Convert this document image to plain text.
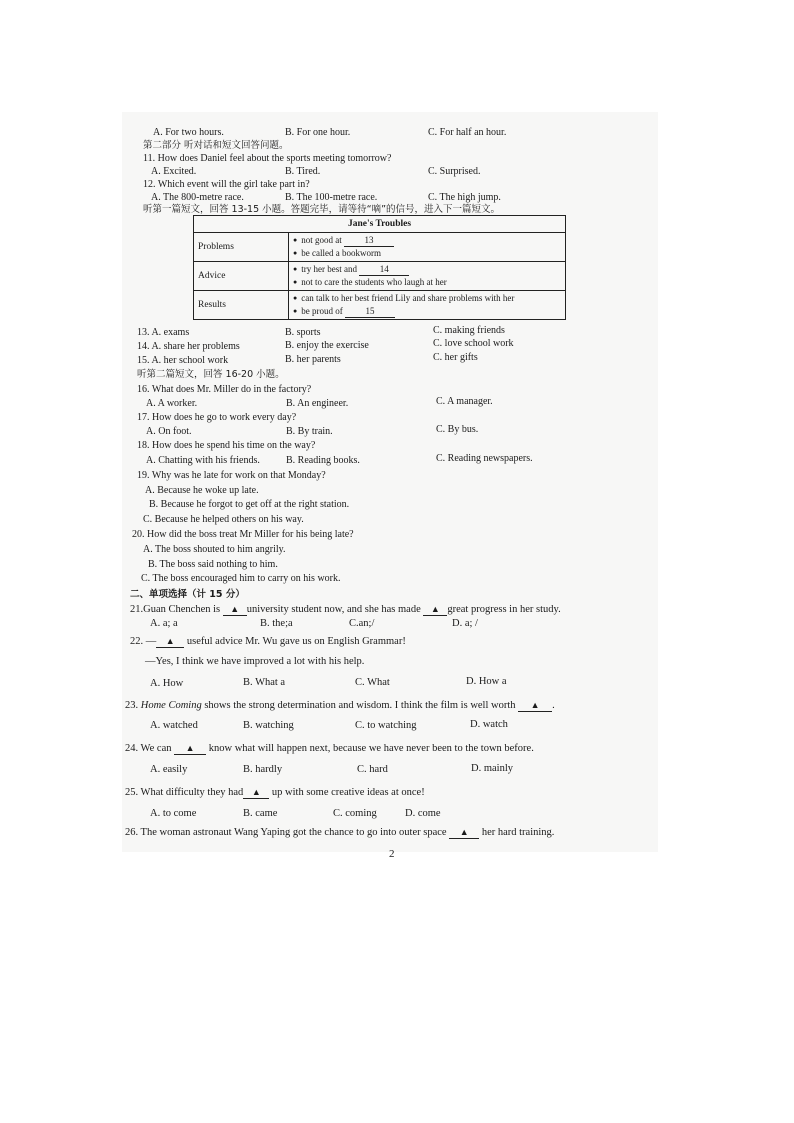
A. For two hours.	B. For one hour.	C. For half an hour.
第二部分 听对话和短文回答问题。
11. How does Daniel feel about the sports meeting tomorrow?
A. Excited.	B. Tired.	C. Surprised.
12. Which event will the girl take part in?
A. The 800-metre race.	B. The 100-metre race.	C. The high jump.
听第一篇短文，回答 13-15 小题。答题完毕，请等待“嘀”的信号，进入下一篇短文。
Jane's Troubles	
Problems	● not good at 13
● be called a bookworm

Advice	● try her best and 14
● not to care the students who laugh at her

Results	● can talk to her best friend Lily and share problems with her
● be proud of 15
13. A. exams	B. sports	C. making friends
14. A. share her problems	B. enjoy the exercise	C. love school work
15. A. her school work	B. her parents	C. her gifts
听第二篇短文，回答 16-20 小题。
16. What does Mr. Miller do in the factory?
A. A worker.	B. An engineer.	C. A manager.
17. How does he go to work every day?
A. On foot.	B. By train.	C. By bus.
18. How does he spend his time on the way?
A. Chatting with his friends.	B. Reading books.	C. Reading newspapers.
19. Why was he late for work on that Monday?
A. Because he woke up late.
B. Because he forgot to get off at the right station.
C. Because he helped others on his way.
20. How did the boss treat Mr Miller for his being late?
A. The boss shouted to him angrily.
B. The boss said nothing to him.
C. The boss encouraged him to carry on his work.
二、单项选择（计 15 分）
21.Guan Chenchen is ▲ university student now, and she has made ▲ great progress in her study.
A. a; a	B. the;a	C.an;/	D. a; /
22. — ▲ useful advice Mr. Wu gave us on English Grammar!
—Yes, I think we have improved a lot with his help.
A. How	B. What a	C. What	D. How a
23. Home Coming shows the strong determination and wisdom. I think the film is well worth ▲ .
A. watched	B. watching	C. to watching	D. watch
24. We can ▲ know what will happen next, because we have never been to the town before.
A. easily	B. hardly	C. hard	D. mainly
25. What difficulty they had ▲ up with some creative ideas at once!
A. to come	B. came	C. coming	D. come
26. The woman astronaut Wang Yaping got the chance to go into outer space ▲ her hard training.
2
